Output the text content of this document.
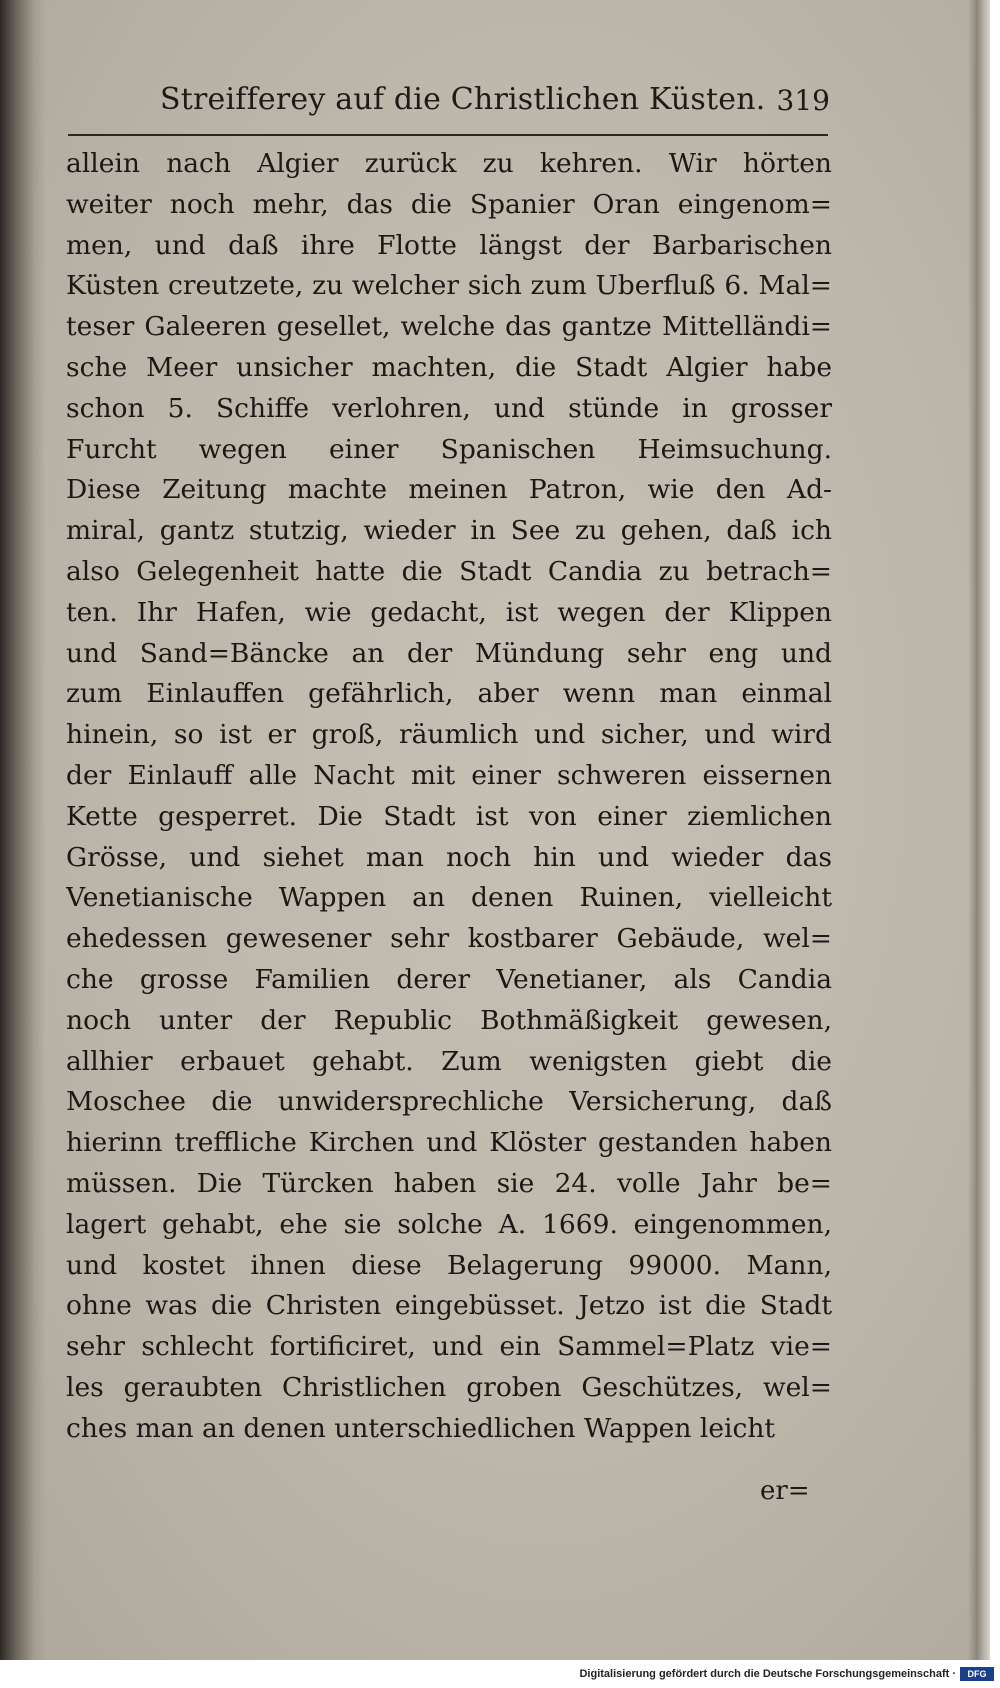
Streifferey auf die Christlichen Küsten. 319
allein nach Algier zurück zu kehren. Wir hörten
weiter noch mehr, das die Spanier Oran eingenom=
men, und daß ihre Flotte längst der Barbarischen
Küsten creutzete, zu welcher sich zum Uberfluß 6. Mal=
teser Galeeren gesellet, welche das gantze Mittelländi=
sche Meer unsicher machten, die Stadt Algier habe
schon 5. Schiffe verlohren, und stünde in grosser
Furcht wegen einer Spanischen Heimsuchung.
Diese Zeitung machte meinen Patron, wie den Ad-
miral, gantz stutzig, wieder in See zu gehen, daß ich
also Gelegenheit hatte die Stadt Candia zu betrach=
ten. Ihr Hafen, wie gedacht, ist wegen der Klippen
und Sand=Bäncke an der Mündung sehr eng und
zum Einlauffen gefährlich, aber wenn man einmal
hinein, so ist er groß, räumlich und sicher, und wird
der Einlauff alle Nacht mit einer schweren eissernen
Kette gesperret. Die Stadt ist von einer ziemlichen
Grösse, und siehet man noch hin und wieder das
Venetianische Wappen an denen Ruinen, vielleicht
ehedessen gewesener sehr kostbarer Gebäude, wel=
che grosse Familien derer Venetianer, als Candia
noch unter der Republic Bothmäßigkeit gewesen,
allhier erbauet gehabt. Zum wenigsten giebt die
Moschee die unwidersprechliche Versicherung, daß
hierinn treffliche Kirchen und Klöster gestanden haben
müssen. Die Türcken haben sie 24. volle Jahr be=
lagert gehabt, ehe sie solche A. 1669. eingenommen,
und kostet ihnen diese Belagerung 99000. Mann,
ohne was die Christen eingebüsset. Jetzo ist die Stadt
sehr schlecht fortificiret, und ein Sammel=Platz vie=
les geraubten Christlichen groben Geschützes, wel=
ches man an denen unterschiedlichen Wappen leicht
er=
Digitalisierung gefördert durch die Deutsche Forschungsgemeinschaft ·	DFG
